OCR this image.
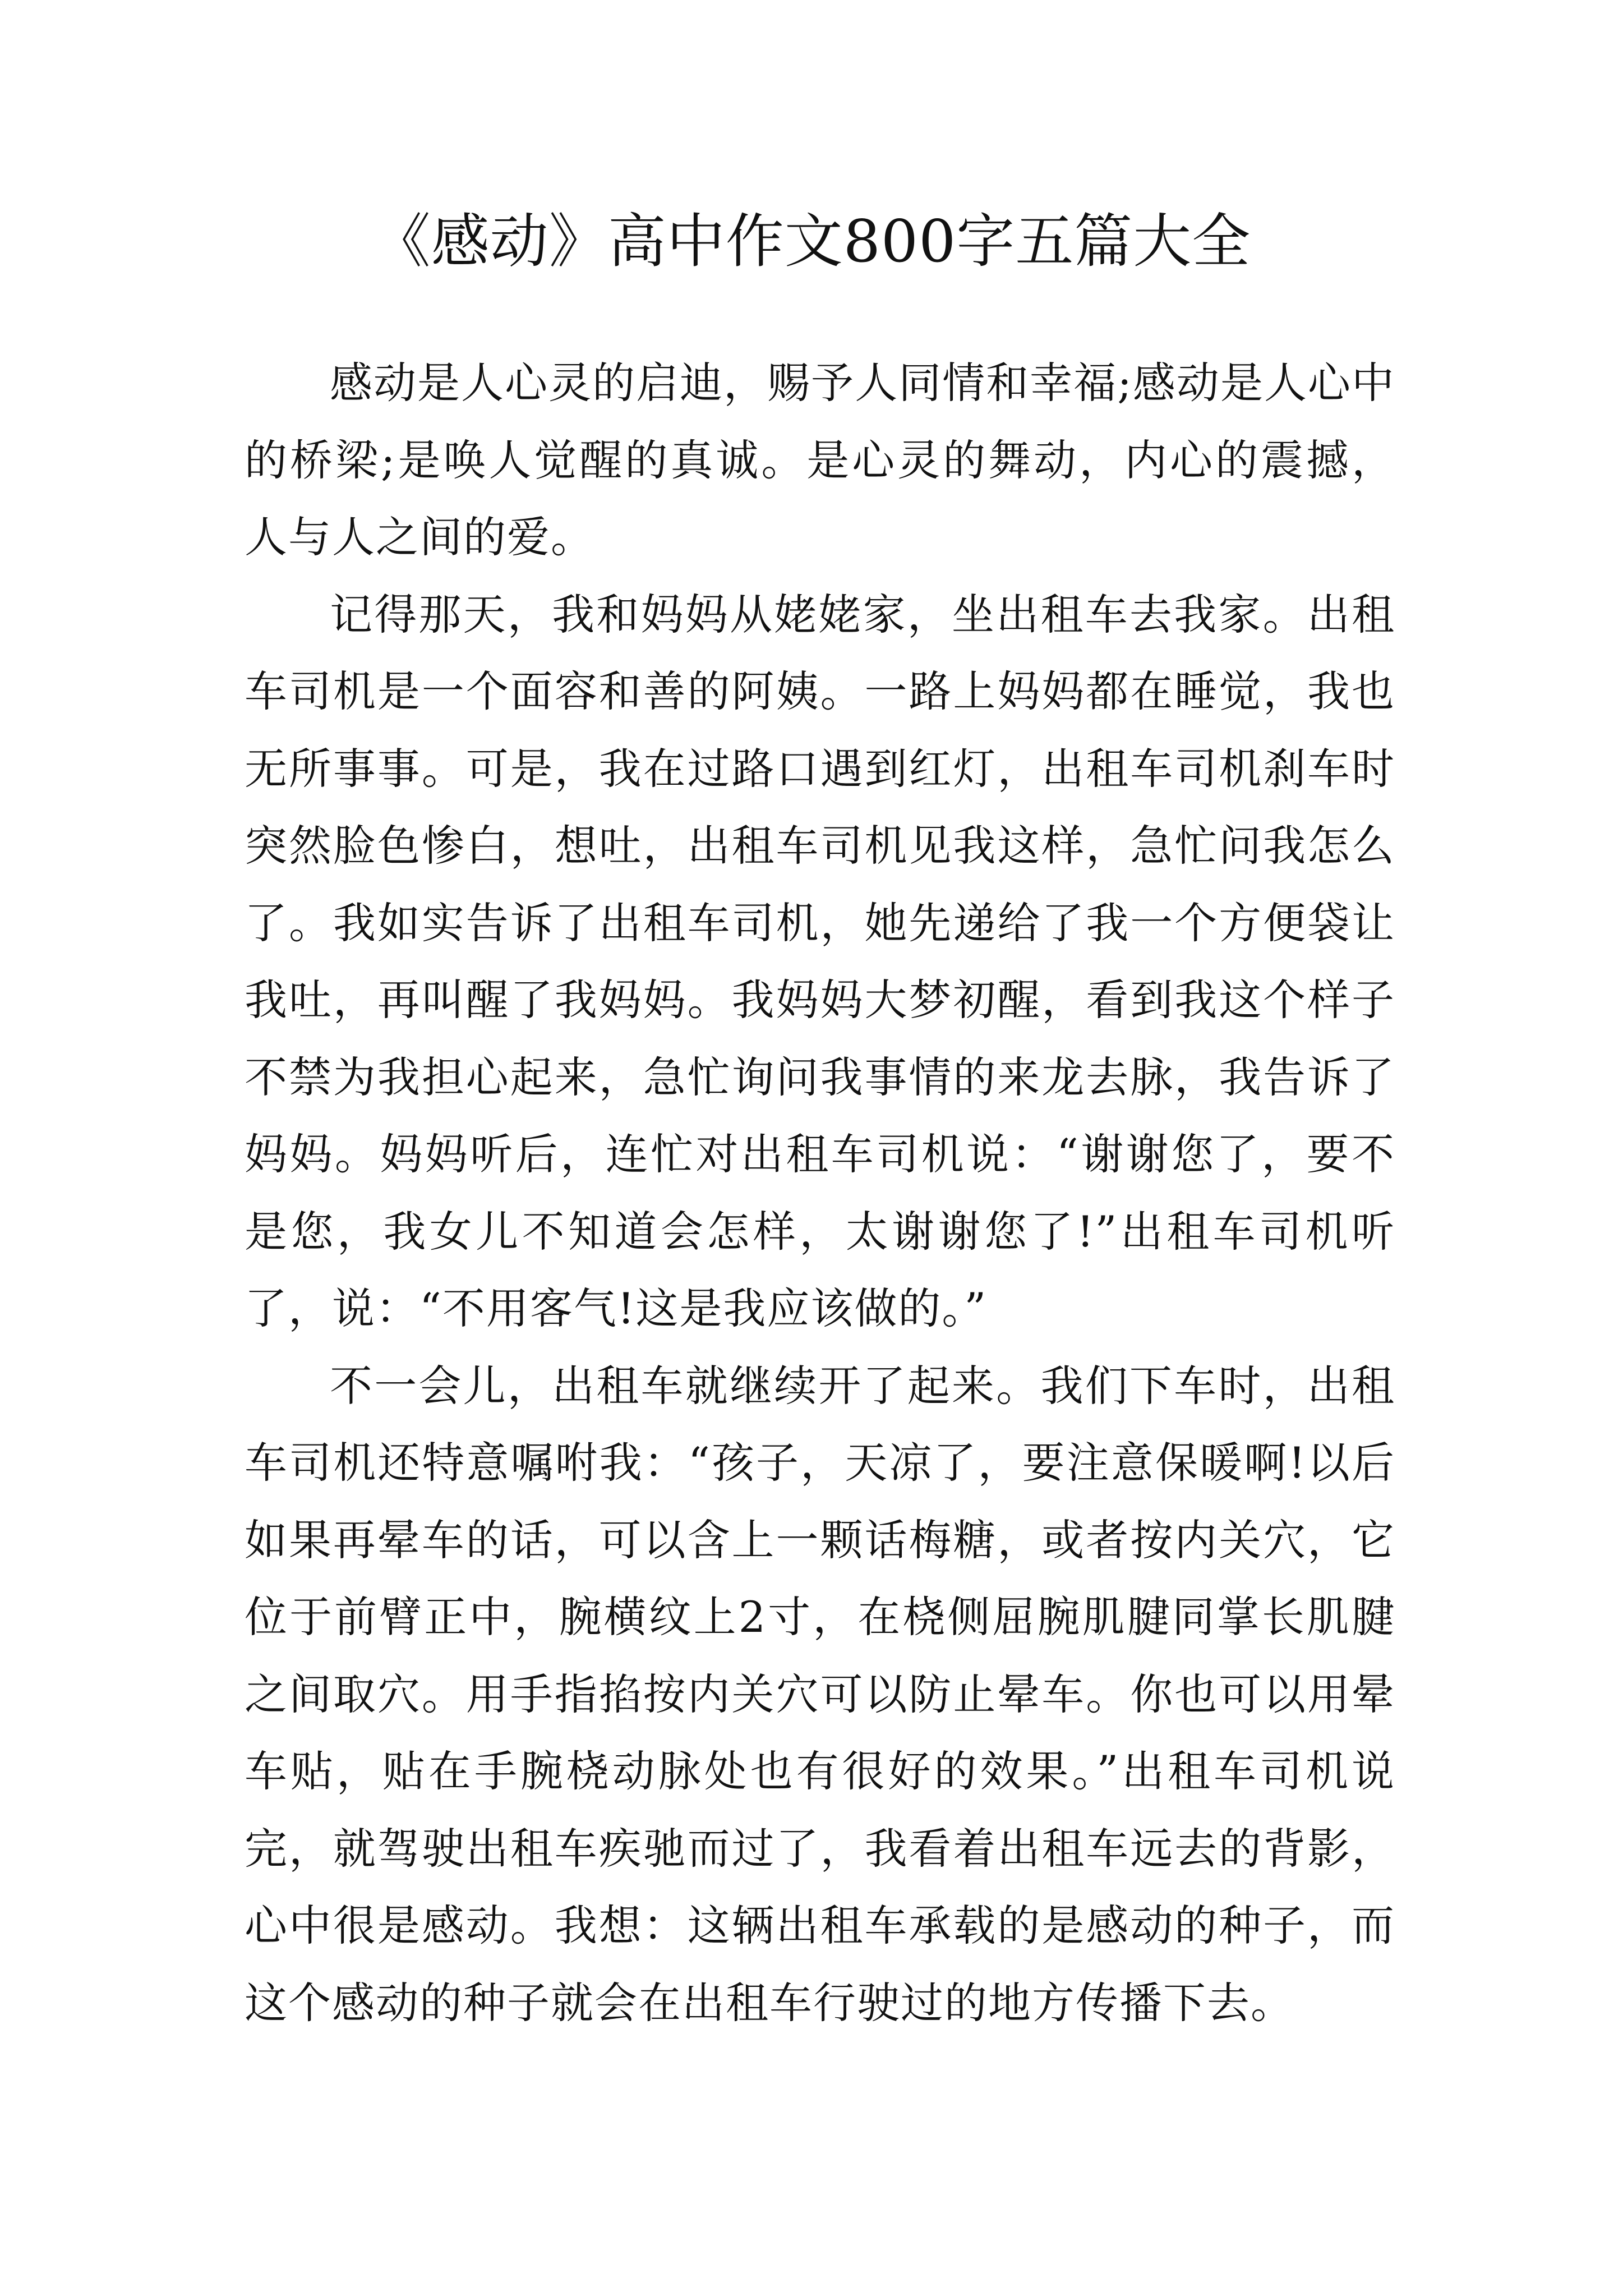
《感动》高中作文800字五篇大全

感动是人心灵的启迪，赐予人同情和幸福;感动是人心中的桥梁;是唤人觉醒的真诚。是心灵的舞动，内心的震撼，人与人之间的爱。

记得那天，我和妈妈从姥姥家，坐出租车去我家。出租车司机是一个面容和善的阿姨。一路上妈妈都在睡觉，我也无所事事。可是，我在过路口遇到红灯，出租车司机刹车时突然脸色惨白，想吐，出租车司机见我这样，急忙问我怎么了。我如实告诉了出租车司机，她先递给了我一个方便袋让我吐，再叫醒了我妈妈。我妈妈大梦初醒，看到我这个样子不禁为我担心起来，急忙询问我事情的来龙去脉，我告诉了妈妈。妈妈听后，连忙对出租车司机说：“谢谢您了，要不是您，我女儿不知道会怎样，太谢谢您了!”出租车司机听了，说：“不用客气!这是我应该做的。”

不一会儿，出租车就继续开了起来。我们下车时，出租车司机还特意嘱咐我：“孩子，天凉了，要注意保暖啊!以后如果再晕车的话，可以含上一颗话梅糖，或者按内关穴，它位于前臂正中，腕横纹上2寸，在桡侧屈腕肌腱同掌长肌腱之间取穴。用手指掐按内关穴可以防止晕车。你也可以用晕车贴，贴在手腕桡动脉处也有很好的效果。”出租车司机说完，就驾驶出租车疾驰而过了，我看着出租车远去的背影，心中很是感动。我想：这辆出租车承载的是感动的种子，而这个感动的种子就会在出租车行驶过的地方传播下去。
